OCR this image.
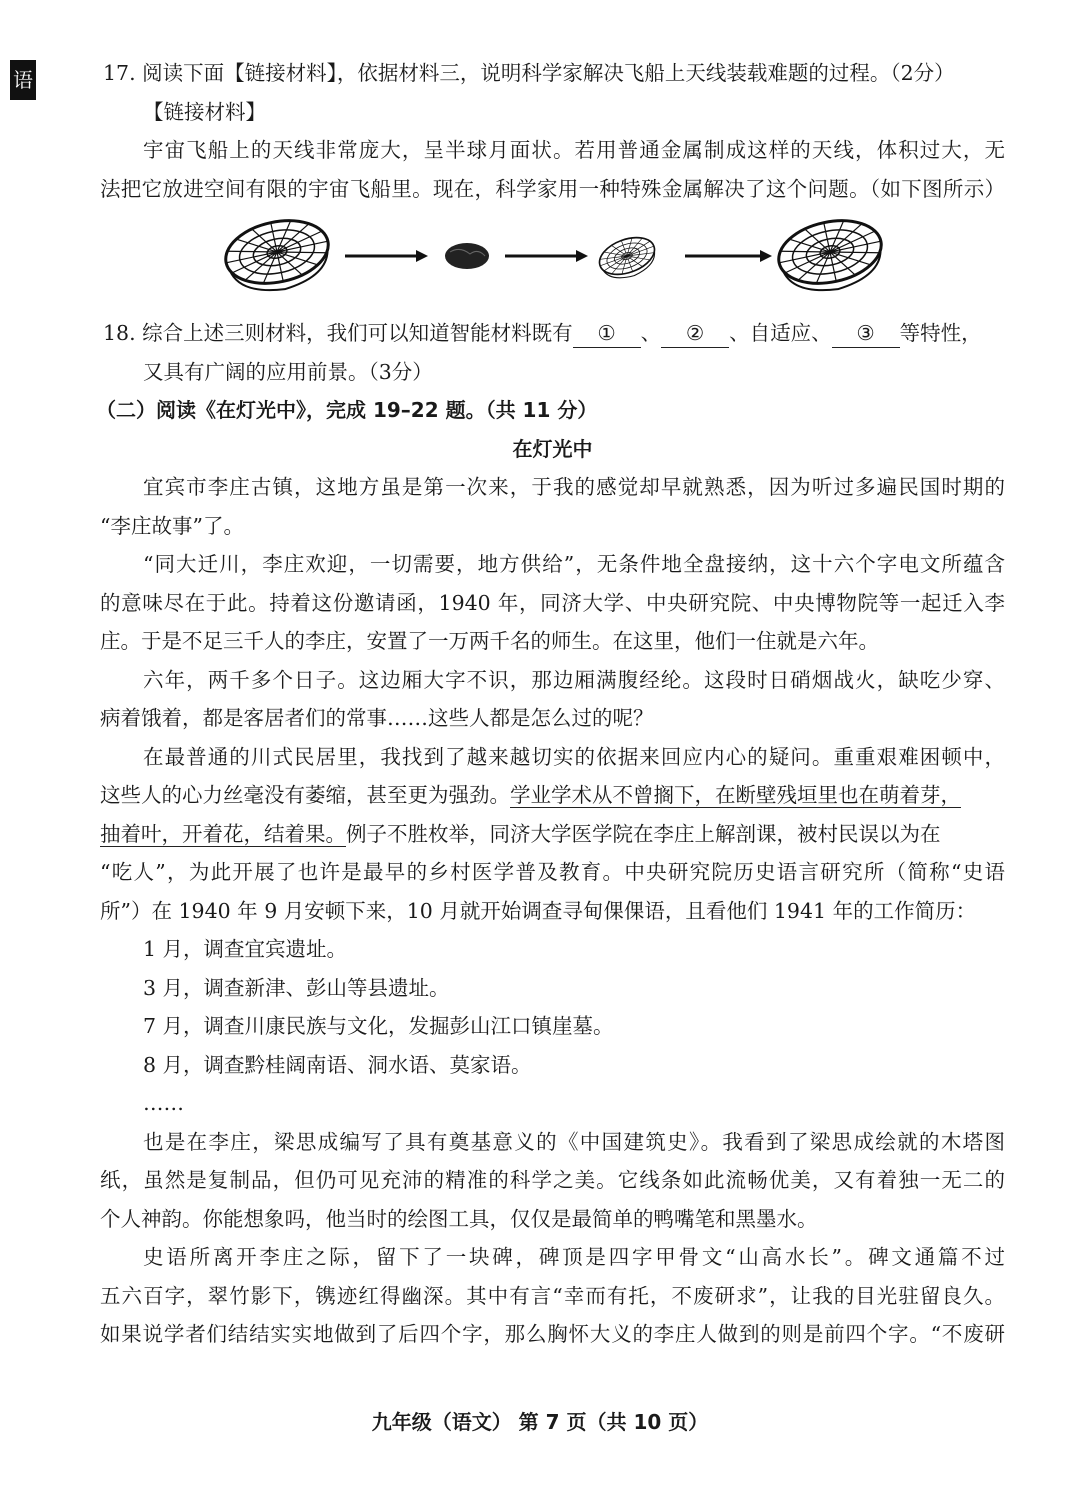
语	17. 阅读下面【链接材料】，依据材料三，说明科学家解决飞船上天线装载难题的过程。（2分）
【链接材料】
宇宙飞船上的天线非常庞大，呈半球月面状。若用普通金属制成这样的天线，体积过大，无
法把它放进空间有限的宇宙飞船里。现在，科学家用一种特殊金属解决了这个问题。（如下图所示）
18. 综合上述三则材料，我们可以知道智能材料既有 ① 、 ② 、自适应、 ③ 等特性，
又具有广阔的应用前景。（3分）
（二）阅读《在灯光中》，完成 19–22 题。（共 11 分）
在灯光中
宜宾市李庄古镇，这地方虽是第一次来，于我的感觉却早就熟悉，因为听过多遍民国时期的
“李庄故事”了。
“同大迁川，李庄欢迎，一切需要，地方供给”，无条件地全盘接纳，这十六个字电文所蕴含
的意味尽在于此。持着这份邀请函，1940 年，同济大学、中央研究院、中央博物院等一起迁入李
庄。于是不足三千人的李庄，安置了一万两千名的师生。在这里，他们一住就是六年。
六年，两千多个日子。这边厢大字不识，那边厢满腹经纶。这段时日硝烟战火，缺吃少穿、
病着饿着，都是客居者们的常事……这些人都是怎么过的呢？
在最普通的川式民居里，我找到了越来越切实的依据来回应内心的疑问。重重艰难困顿中，
这些人的心力丝毫没有萎缩，甚至更为强劲。学业学术从不曾搁下，在断壁残垣里也在萌着芽，
抽着叶，开着花，结着果。例子不胜枚举，同济大学医学院在李庄上解剖课，被村民误以为在
“吃人”，为此开展了也许是最早的乡村医学普及教育。中央研究院历史语言研究所（简称“史语
所”）在 1940 年 9 月安顿下来，10 月就开始调查寻甸倮倮语，且看他们 1941 年的工作简历：
1 月，调查宜宾遗址。
3 月，调查新津、彭山等县遗址。
7 月，调查川康民族与文化，发掘彭山江口镇崖墓。
8 月，调查黔桂阔南语、洞水语、莫家语。
……
也是在李庄，梁思成编写了具有奠基意义的《中国建筑史》。我看到了梁思成绘就的木塔图
纸，虽然是复制品，但仍可见充沛的精准的科学之美。它线条如此流畅优美，又有着独一无二的
个人神韵。你能想象吗，他当时的绘图工具，仅仅是最简单的鸭嘴笔和黑墨水。
史语所离开李庄之际，留下了一块碑，碑顶是四字甲骨文“山高水长”。碑文通篇不过
五六百字，翠竹影下，镌迹红得幽深。其中有言“幸而有托，不废研求”，让我的目光驻留良久。
如果说学者们结结实实地做到了后四个字，那么胸怀大义的李庄人做到的则是前四个字。“不废研
九年级（语文） 第 7 页（共 10 页）
